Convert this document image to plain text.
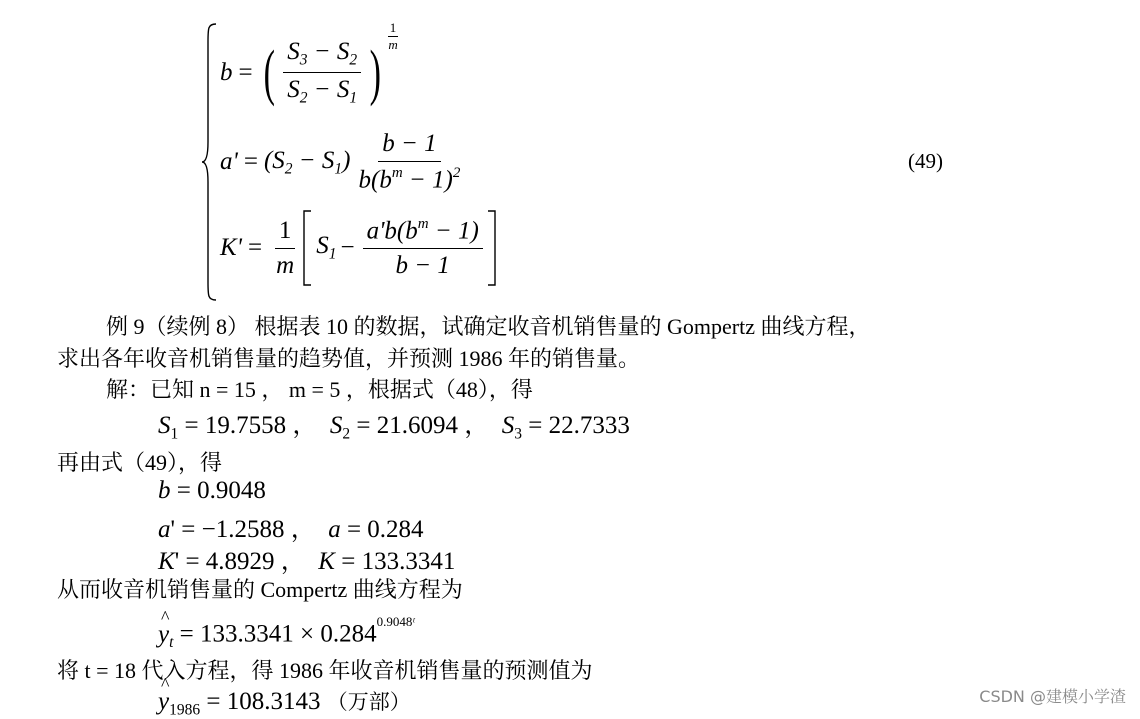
b = ( $\frac{S_3 - S_2}{S_2 - S_1}$ )
$\frac{1}{m}$
$a' = (S_2 - S_1) \frac{b - 1}{b(b^m - 1)^2}$
$K' = \frac{1}{m} S_1 - \frac{a'b(b^m - 1)}{b - 1}$
(49)
例 9（续例 8） 根据表 10 的数据，试确定收音机销售量的 Gompertz 曲线方程，
求出各年收音机销售量的趋势值，并预测 1986 年的销售量。
解：已知 n = 15 ， m = 5 ，根据式（48），得
$S_1 = 19.7558$ ，  $S_2 = 21.6094$ ，  $S_3 = 22.7333$
再由式（49），得
b = 0.9048
a' = −1.2588 ，  a = 0.284
K' = 4.8929 ，  K = 133.3341
从而收音机销售量的 Compertz 曲线方程为
^ $y_t = 133.3341 \times 0.284^{0.9048ᵗ}$
将 t = 18 代入方程，得 1986 年收音机销售量的预测值为
^ $y_{1986} = 108.3143$ （万部）	CSDN @建模小学渣
